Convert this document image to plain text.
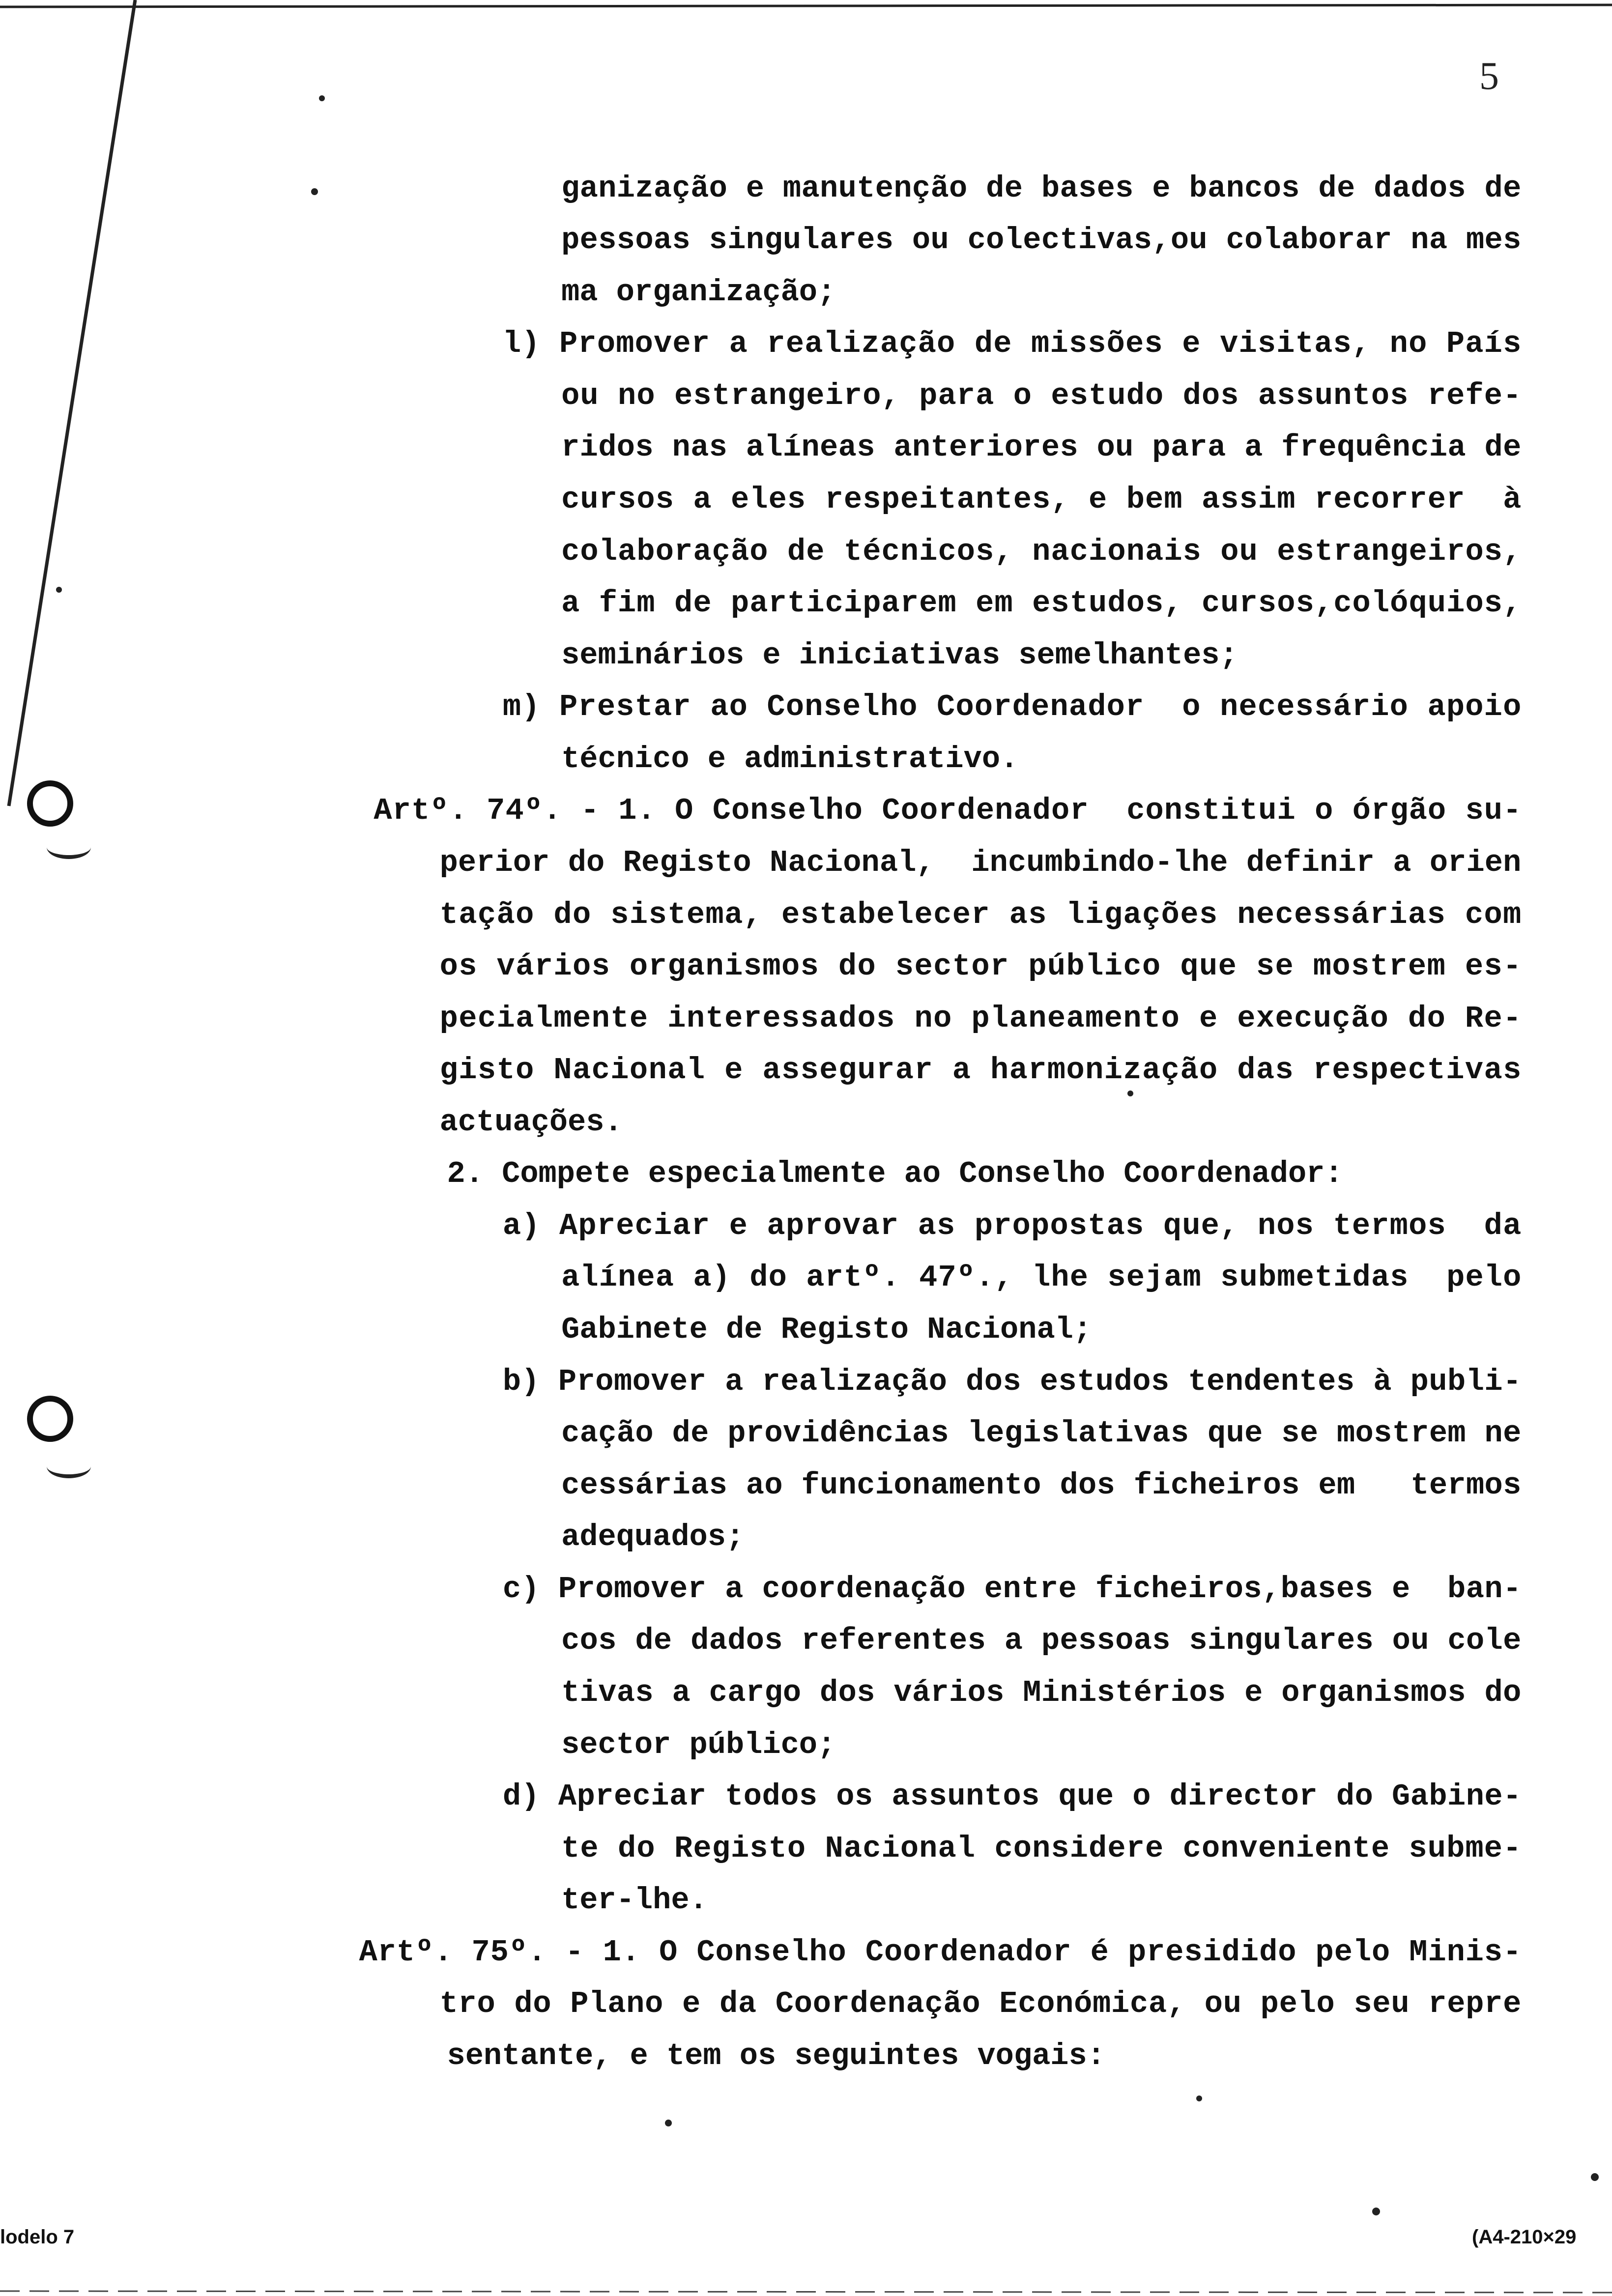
5
ganização e manutenção de bases e bancos de dados de
pessoas singulares ou colectivas,ou colaborar na mes
ma organização;
l) Promover a realização de missões e visitas, no País
ou no estrangeiro, para o estudo dos assuntos refe-
ridos nas alíneas anteriores ou para a frequência de
cursos a eles respeitantes, e bem assim recorrer  à
colaboração de técnicos, nacionais ou estrangeiros,
a fim de participarem em estudos, cursos,colóquios,
seminários e iniciativas semelhantes;
m) Prestar ao Conselho Coordenador  o necessário apoio
técnico e administrativo.
Artº. 74º. - 1. O Conselho Coordenador  constitui o órgão su-
perior do Registo Nacional,  incumbindo-lhe definir a orien
tação do sistema, estabelecer as ligações necessárias com
os vários organismos do sector público que se mostrem es-
pecialmente interessados no planeamento e execução do Re-
gisto Nacional e assegurar a harmonização das respectivas
actuações.
2. Compete especialmente ao Conselho Coordenador:
a) Apreciar e aprovar as propostas que, nos termos  da
alínea a) do artº. 47º., lhe sejam submetidas  pelo
Gabinete de Registo Nacional;
b) Promover a realização dos estudos tendentes à publi-
cação de providências legislativas que se mostrem ne
cessárias ao funcionamento dos ficheiros em   termos
adequados;
c) Promover a coordenação entre ficheiros,bases e  ban-
cos de dados referentes a pessoas singulares ou cole
tivas a cargo dos vários Ministérios e organismos do
sector público;
d) Apreciar todos os assuntos que o director do Gabine-
te do Registo Nacional considere conveniente subme-
ter-lhe.
Artº. 75º. - 1. O Conselho Coordenador é presidido pelo Minis-
tro do Plano e da Coordenação Económica, ou pelo seu repre
sentante, e tem os seguintes vogais:
lodelo 7	(A4-210×29
